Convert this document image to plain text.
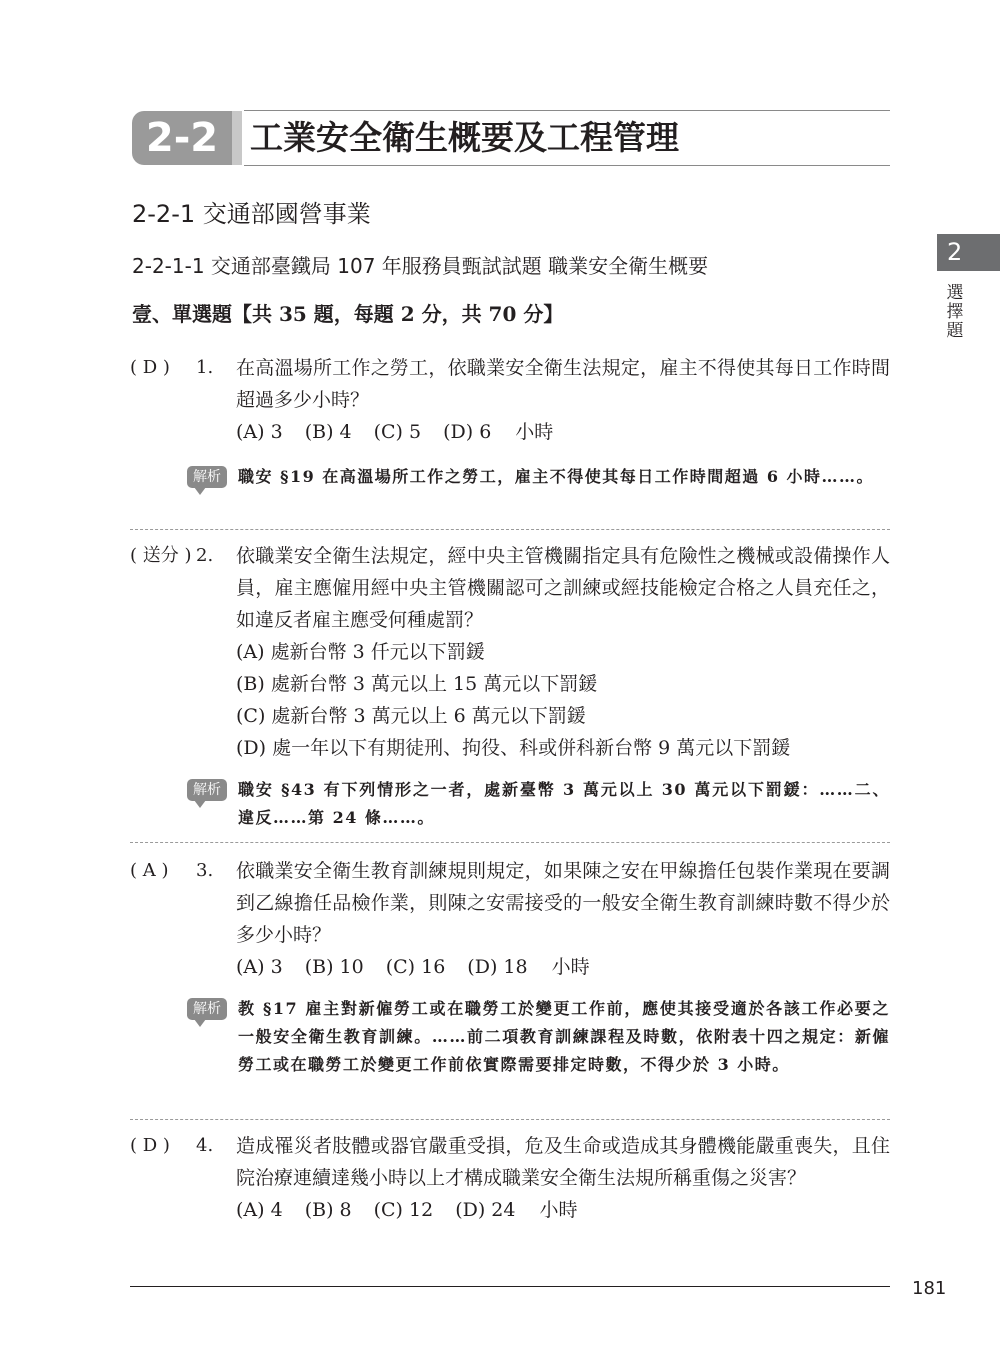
2-2 工業安全衛生概要及工程管理
2-2-1 交通部國營事業
2-2-1-1 交通部臺鐵局 107 年服務員甄試試題 職業安全衛生概要
壹、單選題【共 35 題，每題 2 分，共 70 分】
2
選擇題
( D ) 1. 在高溫場所工作之勞工，依職業安全衛生法規定，雇主不得使其每日工作時間超過多少小時？
(A) 3 (B) 4 (C) 5 (D) 6 小時
解析	職安 §19 在高溫場所工作之勞工，雇主不得使其每日工作時間超過 6 小時……。
( 送分 ) 2. 依職業安全衛生法規定，經中央主管機關指定具有危險性之機械或設備操作人員，雇主應僱用經中央主管機關認可之訓練或經技能檢定合格之人員充任之，如違反者雇主應受何種處罰？
(A) 處新台幣 3 仟元以下罰鍰
(B) 處新台幣 3 萬元以上 15 萬元以下罰鍰
(C) 處新台幣 3 萬元以上 6 萬元以下罰鍰
(D) 處一年以下有期徒刑、拘役、科或併科新台幣 9 萬元以下罰鍰
解析	職安 §43 有下列情形之一者，處新臺幣 3 萬元以上 30 萬元以下罰鍰：……二、違反……第 24 條……。
( A ) 3. 依職業安全衛生教育訓練規則規定，如果陳之安在甲線擔任包裝作業現在要調到乙線擔任品檢作業，則陳之安需接受的一般安全衛生教育訓練時數不得少於多少小時？
(A) 3 (B) 10 (C) 16 (D) 18 小時
解析	教 §17 雇主對新僱勞工或在職勞工於變更工作前，應使其接受適於各該工作必要之一般安全衛生教育訓練。……前二項教育訓練課程及時數，依附表十四之規定：新僱勞工或在職勞工於變更工作前依實際需要排定時數，不得少於 3 小時。
( D ) 4. 造成罹災者肢體或器官嚴重受損，危及生命或造成其身體機能嚴重喪失，且住院治療連續達幾小時以上才構成職業安全衛生法規所稱重傷之災害？
(A) 4 (B) 8 (C) 12 (D) 24 小時
181
